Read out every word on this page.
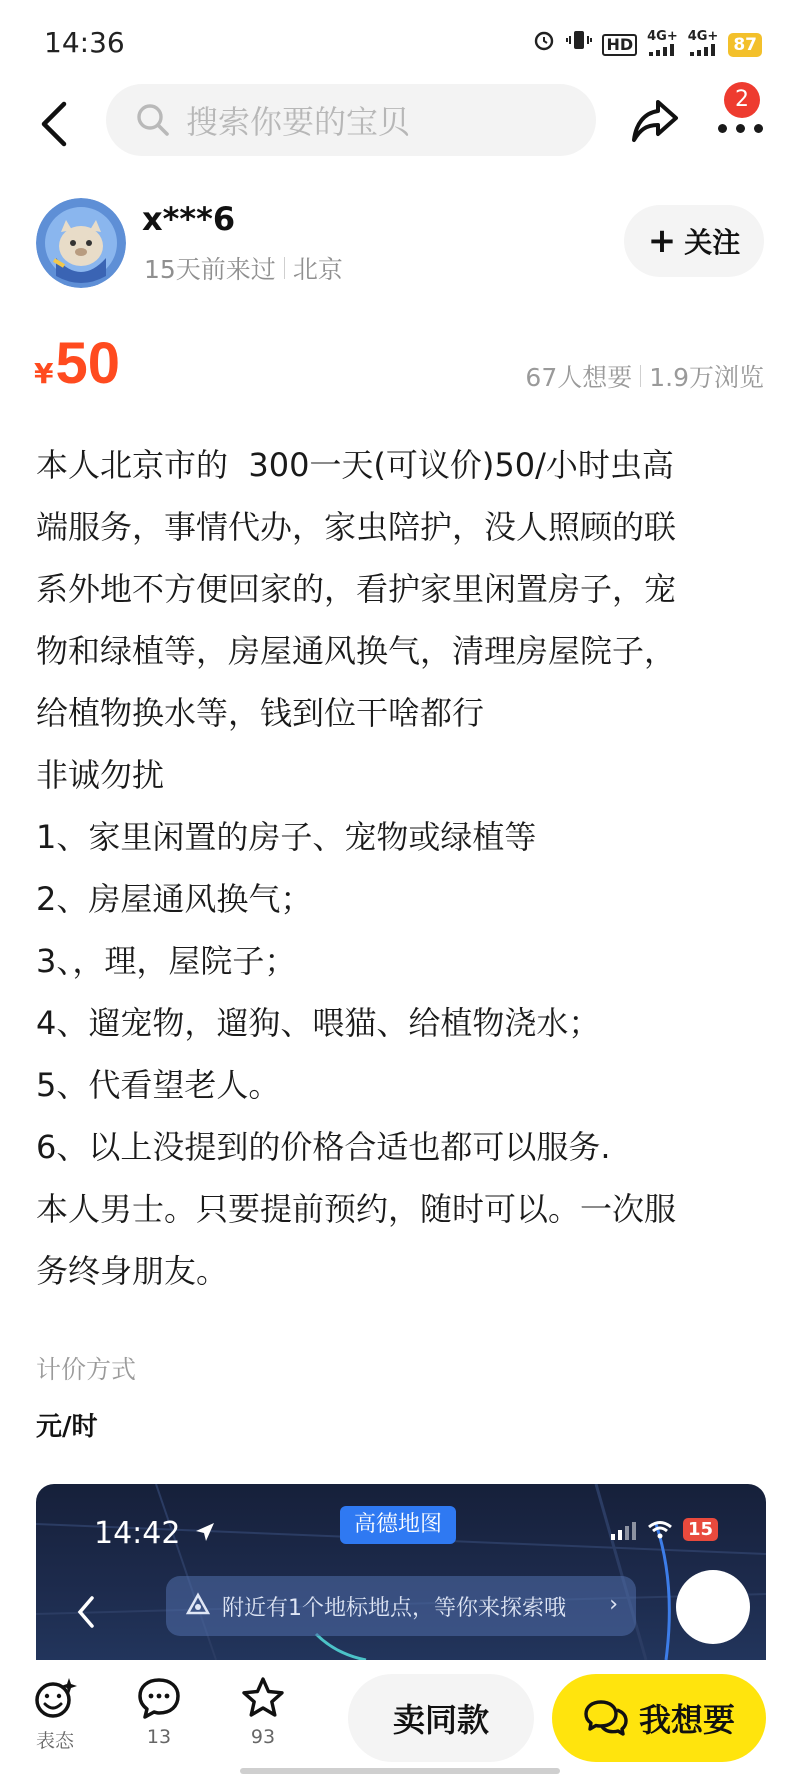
14:36	HD	4G+ 4G+ 87
搜索你要的宝贝
2
x***6
15天前来过 北京
+ 关注
¥ 50	67人想要 1.9万浏览

本人北京市的  300一天(可议价)50/小时虫高

端服务，事情代办，家虫陪护，没人照顾的联

系外地不方便回家的，看护家里闲置房子，宠

物和绿植等，房屋通风换气，清理房屋院子，

给植物换水等，钱到位干啥都行

非诚勿扰

1、家里闲置的房子、宠物或绿植等

2、房屋通风换气；

3、，理，屋院子；

4、遛宠物，遛狗、喂猫、给植物浇水；

5、代看望老人。

6、以上没提到的价格合适也都可以服务.

本人男士。只要提前预约，随时可以。一次服

务终身朋友。

计价方式
元/时
14:42	高德地图	15
附近有1个地标地点，等你来探索哦 ›
表态	13	93	卖同款	我想要
